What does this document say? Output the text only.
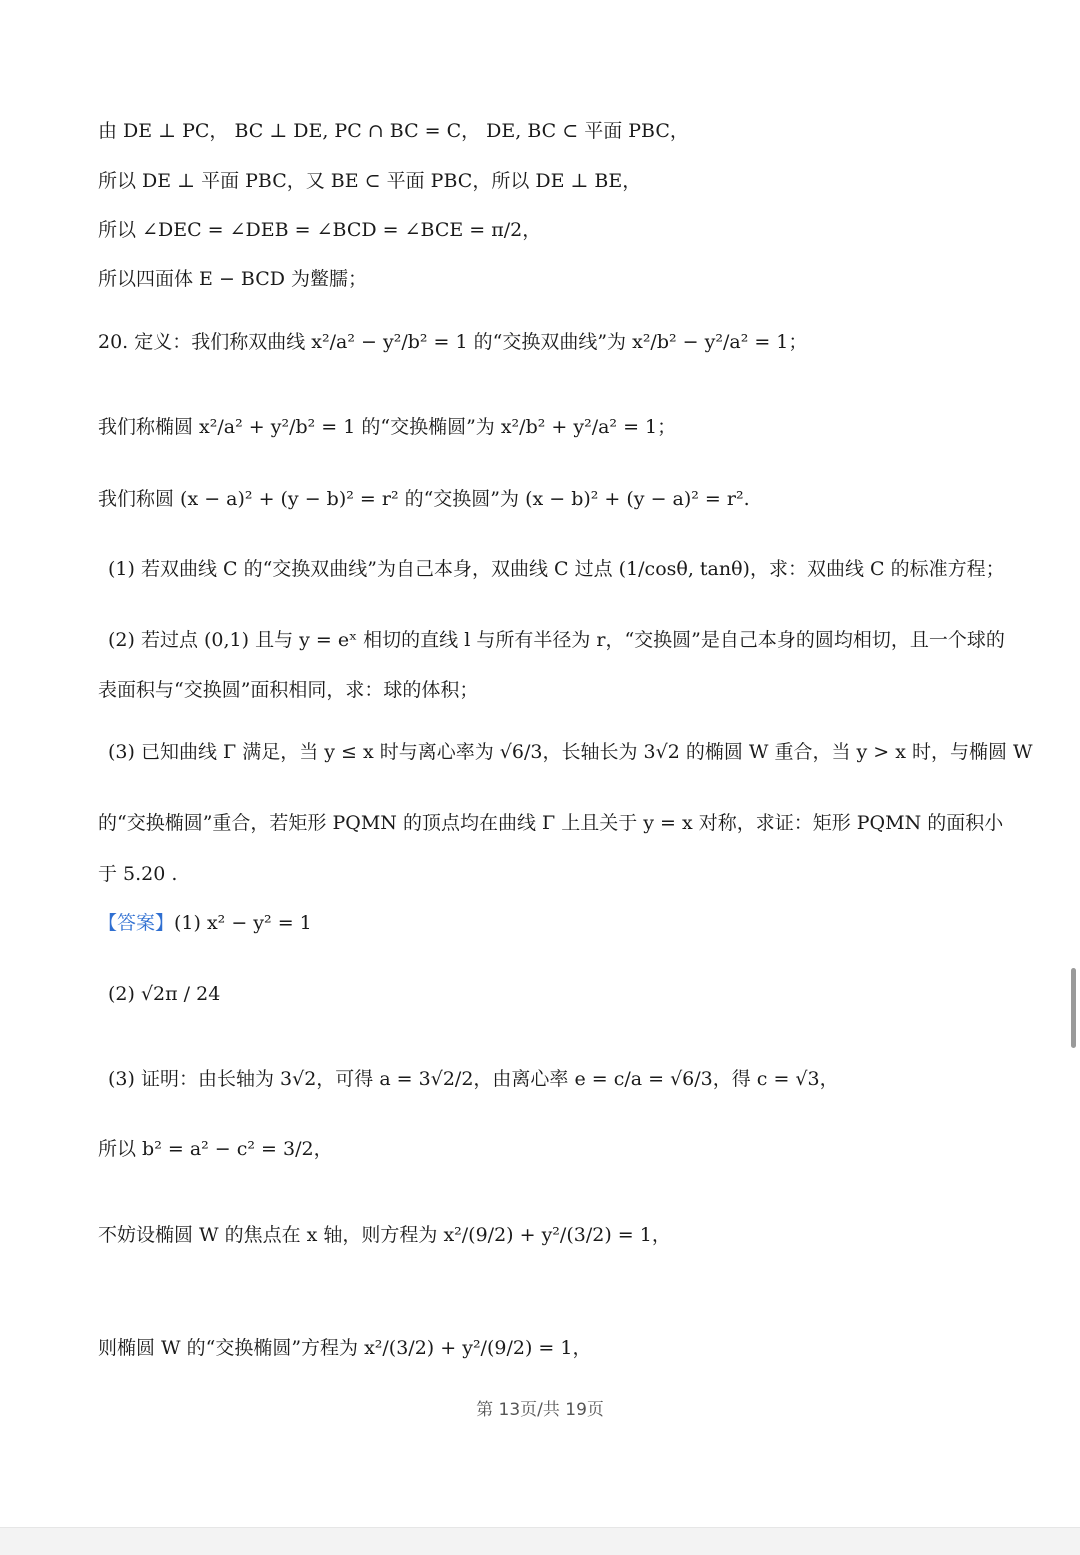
由 DE ⊥ PC， BC ⊥ DE, PC ∩ BC = C， DE, BC ⊂ 平面 PBC，
所以 DE ⊥ 平面 PBC，又 BE ⊂ 平面 PBC，所以 DE ⊥ BE，
所以 ∠DEC = ∠DEB = ∠BCD = ∠BCE = π/2，
所以四面体 E − BCD 为鳖臑；
20. 定义：我们称双曲线 x²/a² − y²/b² = 1 的“交换双曲线”为 x²/b² − y²/a² = 1；
我们称椭圆 x²/a² + y²/b² = 1 的“交换椭圆”为 x²/b² + y²/a² = 1；
我们称圆 (x − a)² + (y − b)² = r² 的“交换圆”为 (x − b)² + (y − a)² = r².
(1) 若双曲线 C 的“交换双曲线”为自己本身，双曲线 C 过点 (1/cosθ, tanθ)，求：双曲线 C 的标准方程；
(2) 若过点 (0,1) 且与 y = eˣ 相切的直线 l 与所有半径为 r，“交换圆”是自己本身的圆均相切，且一个球的
表面积与“交换圆”面积相同，求：球的体积；
(3) 已知曲线 Γ 满足，当 y ≤ x 时与离心率为 √6/3，长轴长为 3√2 的椭圆 W 重合，当 y > x 时，与椭圆 W
的“交换椭圆”重合，若矩形 PQMN 的顶点均在曲线 Γ 上且关于 y = x 对称，求证：矩形 PQMN 的面积小
于 5.20 .
【答案】(1) x² − y² = 1
(2) √2π / 24
(3) 证明：由长轴为 3√2，可得 a = 3√2/2，由离心率 e = c/a = √6/3，得 c = √3，
所以 b² = a² − c² = 3/2，
不妨设椭圆 W 的焦点在 x 轴，则方程为 x²/(9/2) + y²/(3/2) = 1，
则椭圆 W 的“交换椭圆”方程为 x²/(3/2) + y²/(9/2) = 1，
第 13页/共 19页
